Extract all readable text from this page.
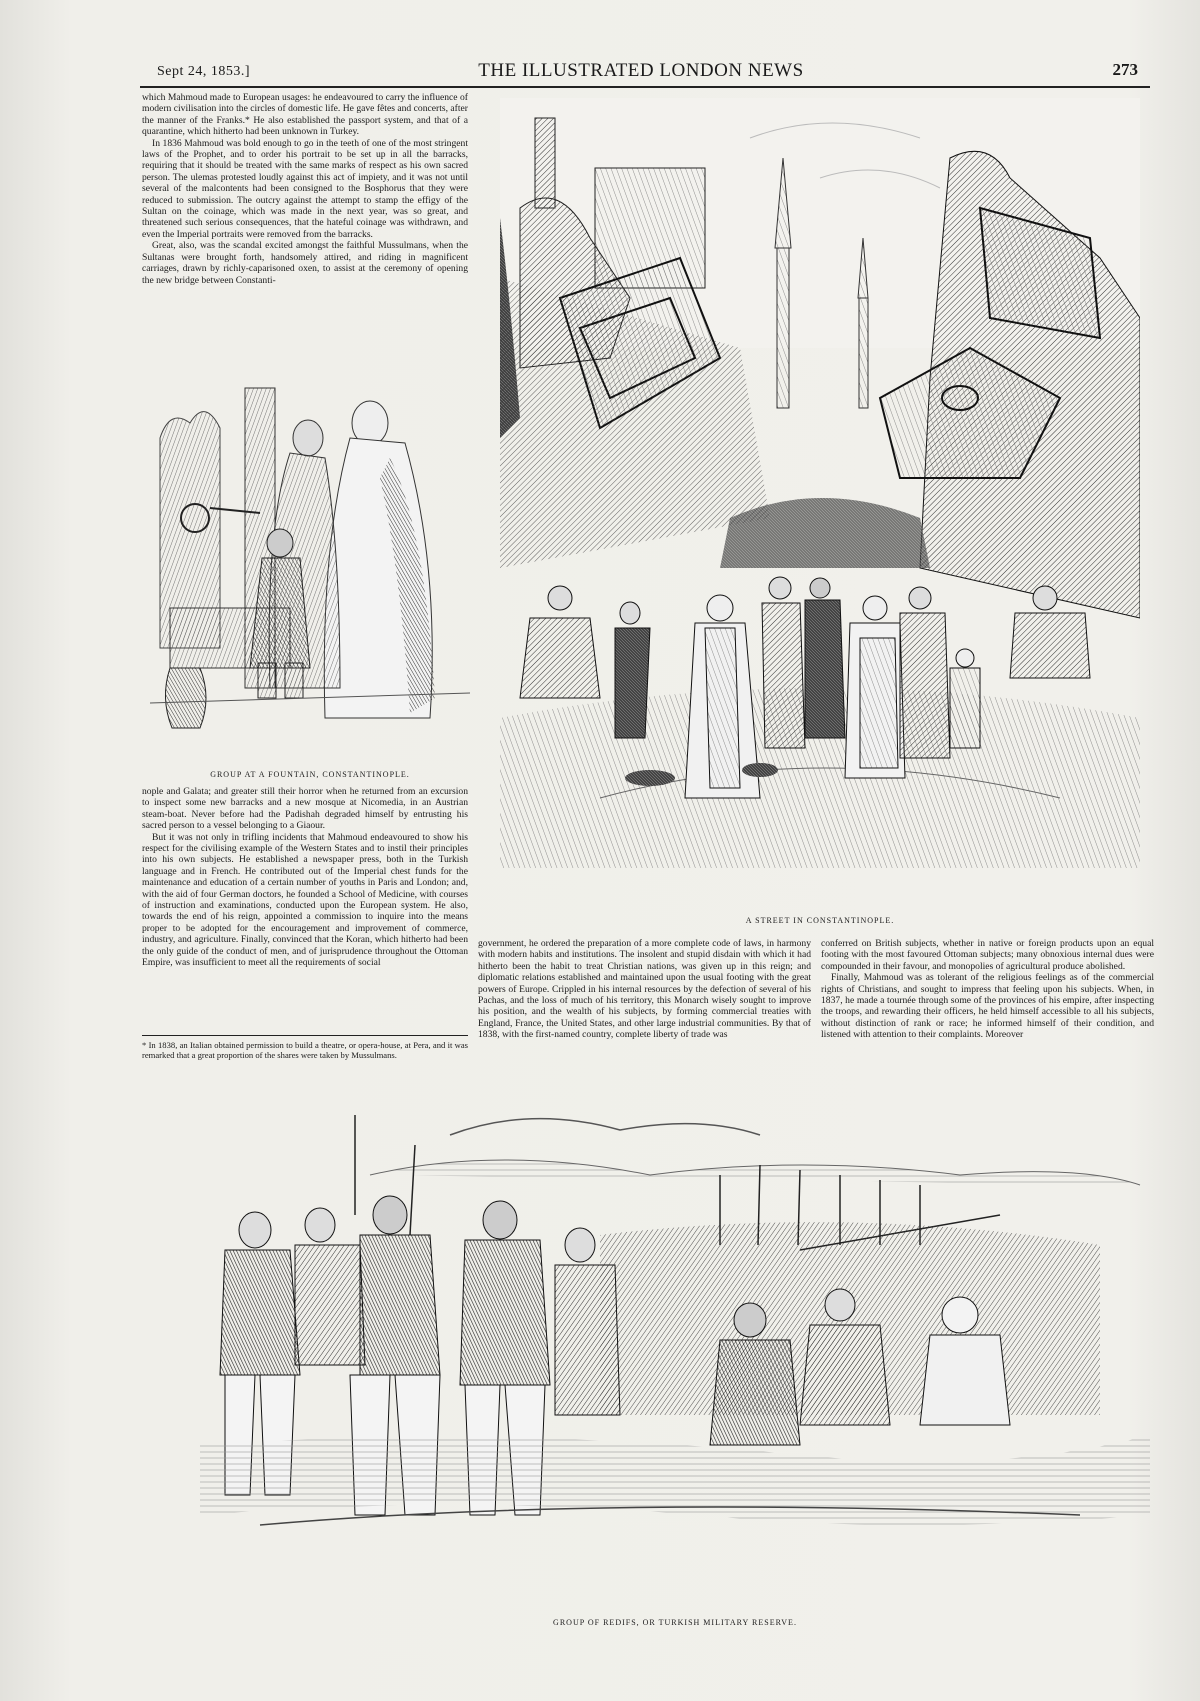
Sept 24, 1853.]	THE ILLUSTRATED LONDON NEWS	273

which Mahmoud made to European usages: he endeavoured to carry the influence of modern civilisation into the circles of domestic life. He gave fêtes and concerts, after the manner of the Franks.* He also established the passport system, and that of a quarantine, which hitherto had been unknown in Turkey.

In 1836 Mahmoud was bold enough to go in the teeth of one of the most stringent laws of the Prophet, and to order his portrait to be set up in all the barracks, requiring that it should be treated with the same marks of respect as his own sacred person. The ulemas protested loudly against this act of impiety, and it was not until several of the malcontents had been consigned to the Bosphorus that they were reduced to submission. The outcry against the attempt to stamp the effigy of the Sultan on the coinage, which was made in the next year, was so great, and threatened such serious consequences, that the hateful coinage was withdrawn, and even the Imperial portraits were removed from the barracks.

Great, also, was the scandal excited amongst the faithful Mussulmans, when the Sultanas were brought forth, handsomely attired, and riding in magnificent carriages, drawn by richly-caparisoned oxen, to assist at the ceremony of opening the new bridge between Constanti-

GROUP AT A FOUNTAIN, CONSTANTINOPLE.

nople and Galata; and greater still their horror when he returned from an excursion to inspect some new barracks and a new mosque at Nicomedia, in an Austrian steam-boat. Never before had the Padishah degraded himself by entrusting his sacred person to a vessel belonging to a Giaour.

But it was not only in trifling incidents that Mahmoud endeavoured to show his respect for the civilising example of the Western States and to instil their principles into his own subjects. He established a newspaper press, both in the Turkish language and in French. He contributed out of the Imperial chest funds for the maintenance and education of a certain number of youths in Paris and London; and, with the aid of four German doctors, he founded a School of Medicine, with courses of instruction and examinations, conducted upon the European system. He also, towards the end of his reign, appointed a commission to inquire into the means proper to be adopted for the encouragement and improvement of commerce, industry, and agriculture. Finally, convinced that the Koran, which hitherto had been the only guide of the conduct of men, and of jurisprudence throughout the Ottoman Empire, was insufficient to meet all the requirements of social

* In 1838, an Italian obtained permission to build a theatre, or opera-house, at Pera, and it was remarked that a great proportion of the shares were taken by Mussulmans.
A STREET IN CONSTANTINOPLE.

government, he ordered the preparation of a more complete code of laws, in harmony with modern habits and institutions. The insolent and stupid disdain with which it had hitherto been the habit to treat Christian nations, was given up in this reign; and diplomatic relations established and maintained upon the usual footing with the great powers of Europe. Crippled in his internal resources by the defection of several of his Pachas, and the loss of much of his territory, this Monarch wisely sought to improve his position, and the wealth of his subjects, by forming commercial treaties with England, France, the United States, and other large industrial communities. By that of 1838, with the first-named country, complete liberty of trade was

conferred on British subjects, whether in native or foreign products upon an equal footing with the most favoured Ottoman subjects; many obnoxious internal dues were compounded in their favour, and monopolies of agricultural produce abolished.

Finally, Mahmoud was as tolerant of the religious feelings as of the commercial rights of Christians, and sought to impress that feeling upon his subjects. When, in 1837, he made a tournée through some of the provinces of his empire, after inspecting the troops, and rewarding their officers, he held himself accessible to all his subjects, without distinction of rank or race; he informed himself of their condition, and listened with attention to their complaints. Moreover

GROUP OF REDIFS, OR TURKISH MILITARY RESERVE.
